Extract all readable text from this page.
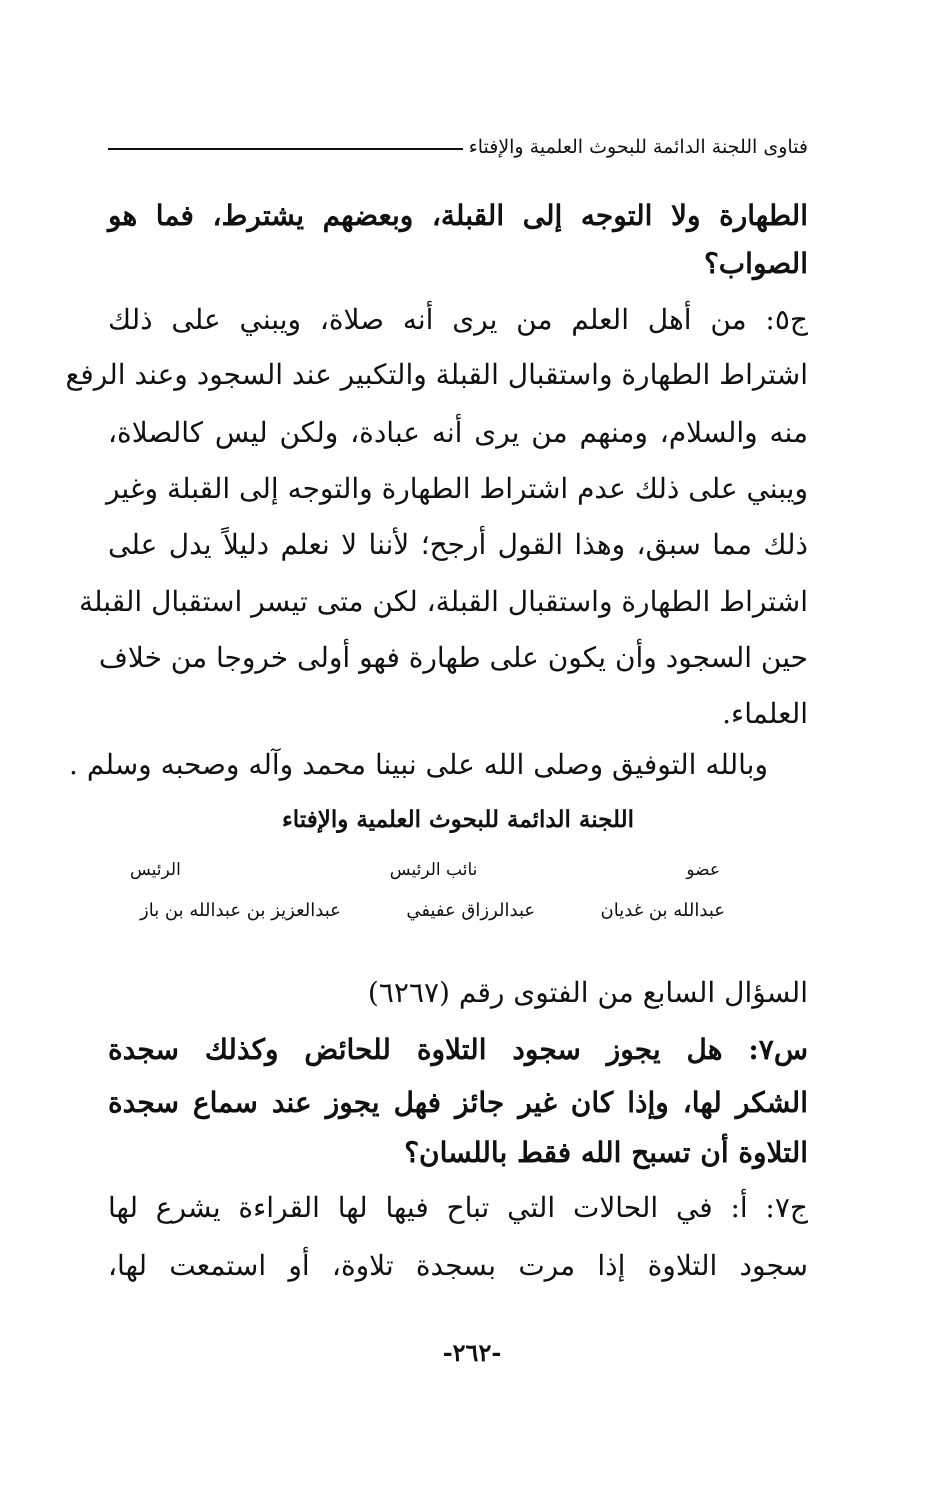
فتاوى اللجنة الدائمة للبحوث العلمية والإفتاء
الطهارة ولا التوجه إلى القبلة، وبعضهم يشترط، فما هو
الصواب؟
ج٥: من أهل العلم من يرى أنه صلاة، ويبني على ذلك
اشتراط الطهارة واستقبال القبلة والتكبير عند السجود وعند الرفع
منه والسلام، ومنهم من يرى أنه عبادة، ولكن ليس كالصلاة،
ويبني على ذلك عدم اشتراط الطهارة والتوجه إلى القبلة وغير
ذلك مما سبق، وهذا القول أرجح؛ لأننا لا نعلم دليلاً يدل على
اشتراط الطهارة واستقبال القبلة، لكن متى تيسر استقبال القبلة
حين السجود وأن يكون على طهارة فهو أولى خروجا من خلاف
العلماء.
وبالله التوفيق وصلى الله على نبينا محمد وآله وصحبه وسلم .
اللجنة الدائمة للبحوث العلمية والإفتاء
عضو
نائب الرئيس
الرئيس
عبدالله بن غديان
عبدالرزاق عفيفي
عبدالعزيز بن عبدالله بن باز
السؤال السابع من الفتوى رقم (٦٢٦٧)
س٧: هل يجوز سجود التلاوة للحائض وكذلك سجدة
الشكر لها، وإذا كان غير جائز فهل يجوز عند سماع سجدة
التلاوة أن تسبح الله فقط باللسان؟
ج٧: أ: في الحالات التي تباح فيها لها القراءة يشرع لها
سجود التلاوة إذا مرت بسجدة تلاوة، أو استمعت لها،
-٢٦٢-
